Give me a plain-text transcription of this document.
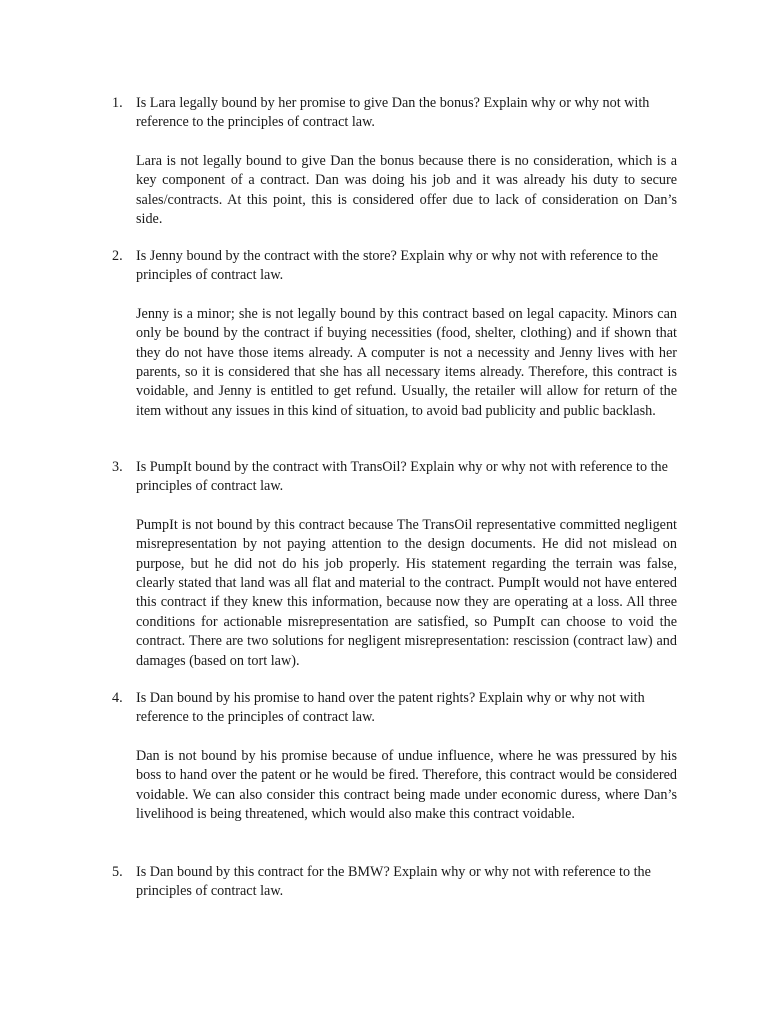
1. Is Lara legally bound by her promise to give Dan the bonus? Explain why or why not with reference to the principles of contract law.
Lara is not legally bound to give Dan the bonus because there is no consideration, which is a key component of a contract. Dan was doing his job and it was already his duty to secure sales/contracts. At this point, this is considered offer due to lack of consideration on Dan’s side.
2. Is Jenny bound by the contract with the store? Explain why or why not with reference to the principles of contract law.
Jenny is a minor; she is not legally bound by this contract based on legal capacity. Minors can only be bound by the contract if buying necessities (food, shelter, clothing) and if shown that they do not have those items already. A computer is not a necessity and Jenny lives with her parents, so it is considered that she has all necessary items already. Therefore, this contract is voidable, and Jenny is entitled to get refund. Usually, the retailer will allow for return of the item without any issues in this kind of situation, to avoid bad publicity and public backlash.
3. Is PumpIt bound by the contract with TransOil? Explain why or why not with reference to the principles of contract law.
PumpIt is not bound by this contract because The TransOil representative committed negligent misrepresentation by not paying attention to the design documents. He did not mislead on purpose, but he did not do his job properly. His statement regarding the terrain was false, clearly stated that land was all flat and material to the contract. PumpIt would not have entered this contract if they knew this information, because now they are operating at a loss. All three conditions for actionable misrepresentation are satisfied, so PumpIt can choose to void the contract. There are two solutions for negligent misrepresentation: rescission (contract law) and damages (based on tort law).
4. Is Dan bound by his promise to hand over the patent rights? Explain why or why not with reference to the principles of contract law.
Dan is not bound by his promise because of undue influence, where he was pressured by his boss to hand over the patent or he would be fired. Therefore, this contract would be considered voidable. We can also consider this contract being made under economic duress, where Dan’s livelihood is being threatened, which would also make this contract voidable.
5. Is Dan bound by this contract for the BMW? Explain why or why not with reference to the principles of contract law.
